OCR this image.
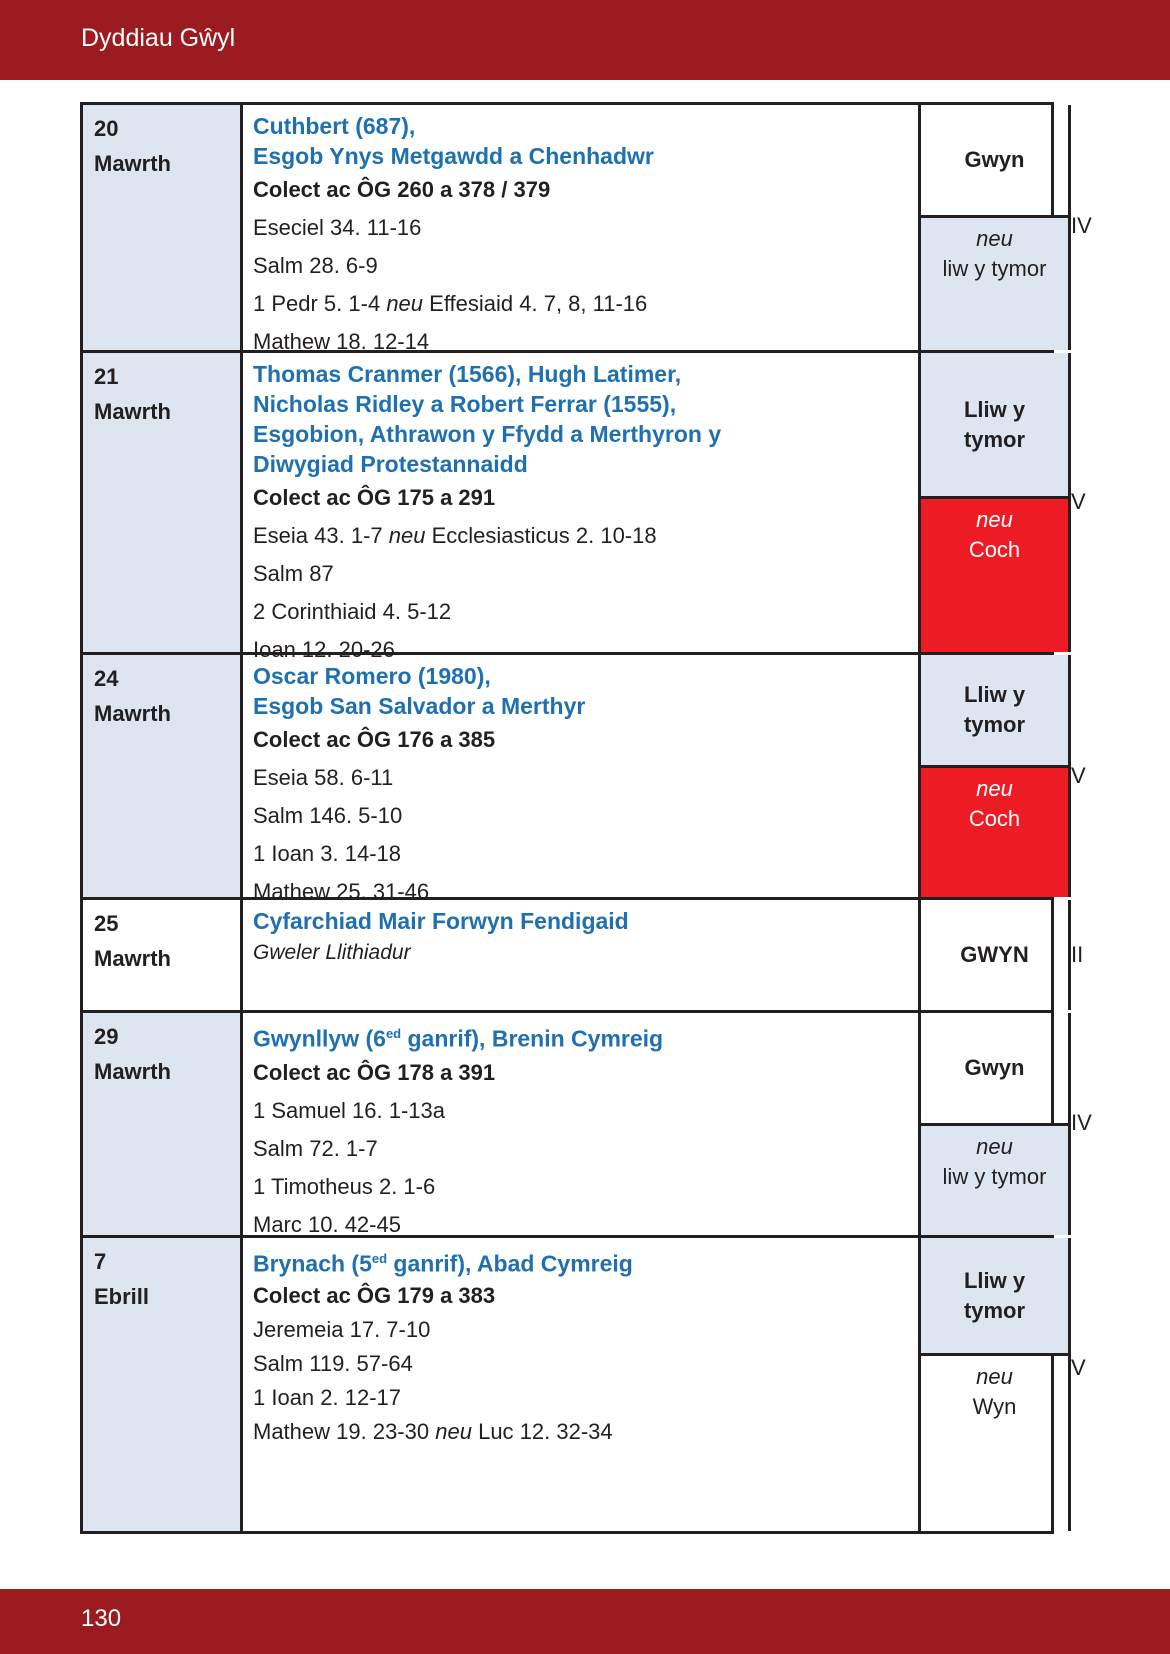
Dyddiau Gŵyl
20
Mawrth
Cuthbert (687),
Esgob Ynys Metgawdd a Chenhadwr
Colect ac ÔG 260 a 378 / 379
Eseciel 34. 11-16
Salm 28. 6-9
1 Pedr 5. 1-4 neu Effesiaid 4. 7, 8, 11-16
Mathew 18. 12-14
Gwyn
neu
liw y tymor
IV
21
Mawrth
Thomas Cranmer (1566), Hugh Latimer,
Nicholas Ridley a Robert Ferrar (1555),
Esgobion, Athrawon y Ffydd a Merthyron y
Diwygiad Protestannaidd
Colect ac ÔG 175 a 291
Eseia 43. 1-7 neu Ecclesiasticus 2. 10-18
Salm 87
2 Corinthiaid 4. 5-12
Ioan 12. 20-26
Lliw y
tymor
neu
Coch
V
24
Mawrth
Oscar Romero (1980),
Esgob San Salvador a Merthyr
Colect ac ÔG 176 a 385
Eseia 58. 6-11
Salm 146. 5-10
1 Ioan 3. 14-18
Mathew 25. 31-46
Lliw y
tymor
neu
Coch
V
25
Mawrth
Cyfarchiad Mair Forwyn Fendigaid
Gweler Llithiadur	GWYN II
29
Mawrth
Gwynllyw ($6^{ed}$ ganrif), Brenin Cymreig
Colect ac ÔG 178 a 391
1 Samuel 16. 1-13a
Salm 72. 1-7
1 Timotheus 2. 1-6
Marc 10. 42-45
Gwyn
neu
liw y tymor
IV
7
Ebrill
Brynach ($5^{ed}$ ganrif), Abad Cymreig
Colect ac ÔG 179 a 383
Jeremeia 17. 7-10
Salm 119. 57-64
1 Ioan 2. 12-17
Mathew 19. 23-30 neu Luc 12. 32-34
Lliw y
tymor
neu
Wyn
V
130
